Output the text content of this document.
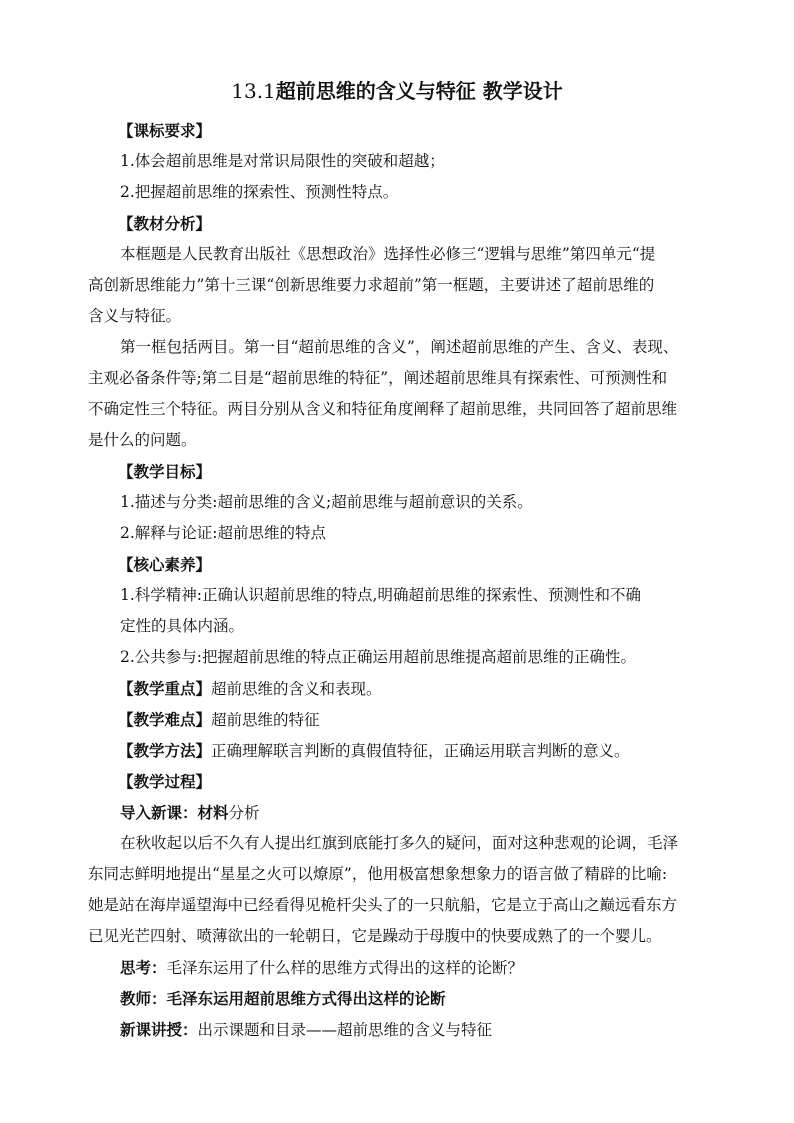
13.1超前思维的含义与特征 教学设计
【课标要求】
1.体会超前思维是对常识局限性的突破和超越；
2.把握超前思维的探索性、预测性特点。
【教材分析】
本框题是人民教育出版社《思想政治》选择性必修三“逻辑与思维”第四单元“提
高创新思维能力”第十三课“创新思维要力求超前”第一框题，主要讲述了超前思维的
含义与特征。
第一框包括两目。第一目“超前思维的含义”，阐述超前思维的产生、含义、表现、
主观必备条件等;第二目是“超前思维的特征”，阐述超前思维具有探索性、可预测性和
不确定性三个特征。两目分别从含义和特征角度阐释了超前思维，共同回答了超前思维
是什么的问题。
【教学目标】
1.描述与分类:超前思维的含义;超前思维与超前意识的关系。
2.解释与论证:超前思维的特点
【核心素养】
1.科学精神:正确认识超前思维的特点,明确超前思维的探索性、预测性和不确
定性的具体内涵。
2.公共参与:把握超前思维的特点正确运用超前思维提高超前思维的正确性。
【教学重点】超前思维的含义和表现。
【教学难点】超前思维的特征
【教学方法】正确理解联言判断的真假值特征，正确运用联言判断的意义。
【教学过程】
导入新课：材料分析
在秋收起以后不久有人提出红旗到底能打多久的疑问，面对这种悲观的论调，毛泽
东同志鲜明地提出“星星之火可以燎原”，他用极富想象想象力的语言做了精辟的比喻:
她是站在海岸遥望海中已经看得见桅杆尖头了的一只航船，它是立于高山之巅远看东方
已见光芒四射、喷薄欲出的一轮朝日，它是躁动于母腹中的快要成熟了的一个婴儿。
思考：毛泽东运用了什么样的思维方式得出的这样的论断？
教师：毛泽东运用超前思维方式得出这样的论断
新课讲授：出示课题和目录——超前思维的含义与特征
